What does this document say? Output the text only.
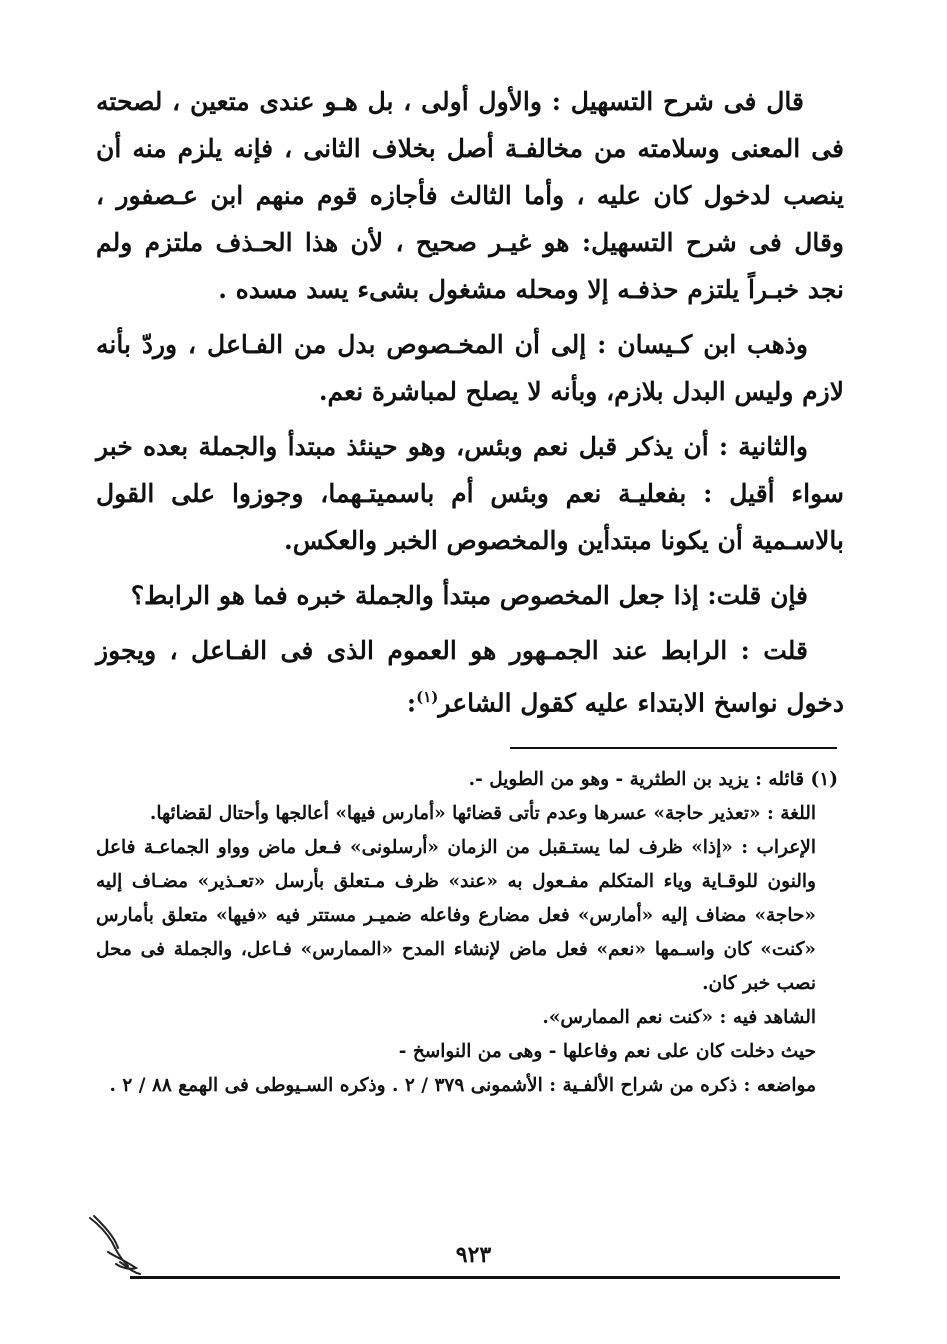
قال فى شرح التسهيل : والأول أولى ، بل هـو عندى متعين ، لصحته فى المعنى وسلامته من مخالفـة أصل بخلاف الثانى ، فإنه يلزم منه أن ينصب لدخول كان عليه ، وأما الثالث فأجازه قوم منهم ابن عـصفور ، وقال فى شرح التسهيل: هو غيـر صحيح ، لأن هذا الحـذف ملتزم ولم نجد خبـراً يلتزم حذفـه إلا ومحله مشغول بشىء يسد مسده .

وذهب ابن كـيسان : إلى أن المخـصوص بدل من الفـاعل ، وردّ بأنه لازم وليس البدل بلازم، وبأنه لا يصلح لمباشرة نعم.

والثانية : أن يذكر قبل نعم وبئس، وهو حينئذ مبتدأ والجملة بعده خبر سواء أقيل : بفعليـة نعم وبئس أم باسميتـهما، وجوزوا على القول بالاسـمية أن يكونا مبتدأين والمخصوص الخبر والعكس.

فإن قلت: إذا جعل المخصوص مبتدأ والجملة خبره فما هو الرابط؟

قلت : الرابط عند الجمـهور هو العموم الذى فى الفـاعل ، ويجوز دخول نواسخ الابتداء عليه كقول الشاعر$^{(١)}$:

(١) قائله : يزيد بن الطثرية - وهو من الطويل -.

اللغة : «تعذير حاجة» عسرها وعدم تأتى قضائها «أمارس فيها» أعالجها وأحتال لقضائها.

الإعراب : «إذا» ظرف لما يستـقبل من الزمان «أرسلونى» فـعل ماض وواو الجماعـة فاعل والنون للوقـاية وياء المتكلم مفـعول به «عند» ظرف مـتعلق بأرسل «تعـذير» مضـاف إليه «حاجة» مضاف إليه «أمارس» فعل مضارع وفاعله ضميـر مستتر فيه «فيها» متعلق بأمارس «كنت» كان واسـمها «نعم» فعل ماض لإنشاء المدح «الممارس» فـاعل، والجملة فى محل نصب خبر كان.

الشاهد فيه : «كنت نعم الممارس».

حيث دخلت كان على نعم وفاعلها - وهى من النواسخ -

مواضعه : ذكره من شراح الألفـية : الأشمونى ٣٧٩ / ٢ . وذكره السـيوطى فى الهمع ٨٨ / ٢ .

٩٢٣
